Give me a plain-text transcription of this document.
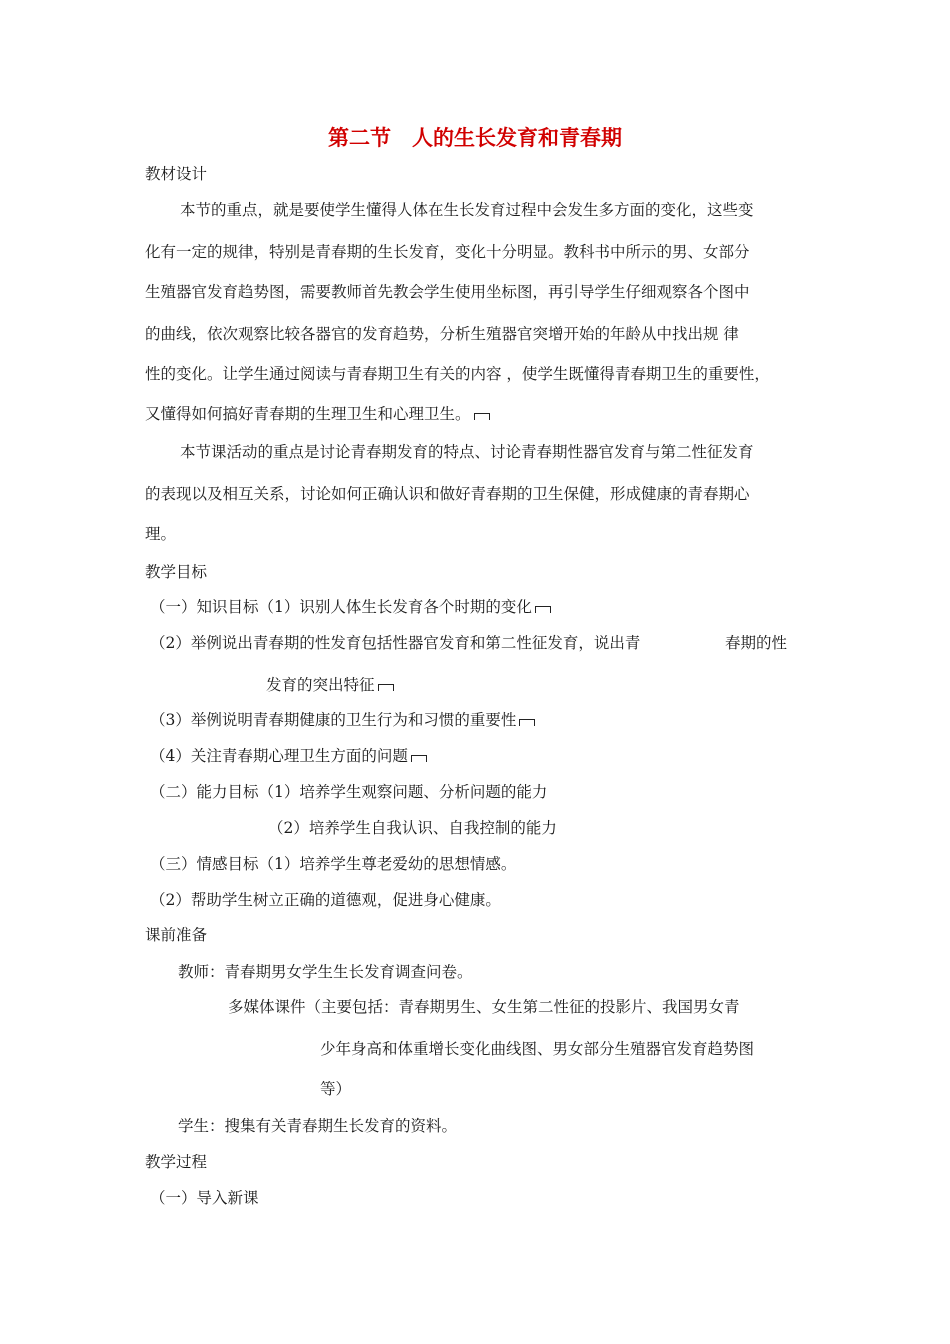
第二节　人的生长发育和青春期
教材设计
本节的重点，就是要使学生懂得人体在生长发育过程中会发生多方面的变化，这些变
化有一定的规律，特别是青春期的生长发育，变化十分明显。教科书中所示的男、女部分
生殖器官发育趋势图，需要教师首先教会学生使用坐标图，再引导学生仔细观察各个图中
的曲线，依次观察比较各器官的发育趋势，分析生殖器官突增开始的年龄从中找出规 律
性的变化。让学生通过阅读与青春期卫生有关的内容 ，使学生既懂得青春期卫生的重要性，
又懂得如何搞好青春期的生理卫生和心理卫生。
本节课活动的重点是讨论青春期发育的特点、讨论青春期性器官发育与第二性征发育
的表现以及相互关系，讨论如何正确认识和做好青春期的卫生保健，形成健康的青春期心
理。
教学目标
（一）知识目标（1）识别人体生长发育各个时期的变化
（2）举例说出青春期的性发育包括性器官发育和第二性征发育，说出青	春期的性
发育的突出特征
（3）举例说明青春期健康的卫生行为和习惯的重要性
（4）关注青春期心理卫生方面的问题
（二）能力目标（1）培养学生观察问题、分析问题的能力
（2）培养学生自我认识、自我控制的能力
（三）情感目标（1）培养学生尊老爱幼的思想情感。
（2）帮助学生树立正确的道德观，促进身心健康。
课前准备
教师：青春期男女学生生长发育调查问卷。
多媒体课件（主要包括：青春期男生、女生第二性征的投影片、我国男女青
少年身高和体重增长变化曲线图、男女部分生殖器官发育趋势图
等）
学生：搜集有关青春期生长发育的资料。
教学过程
（一）导入新课
